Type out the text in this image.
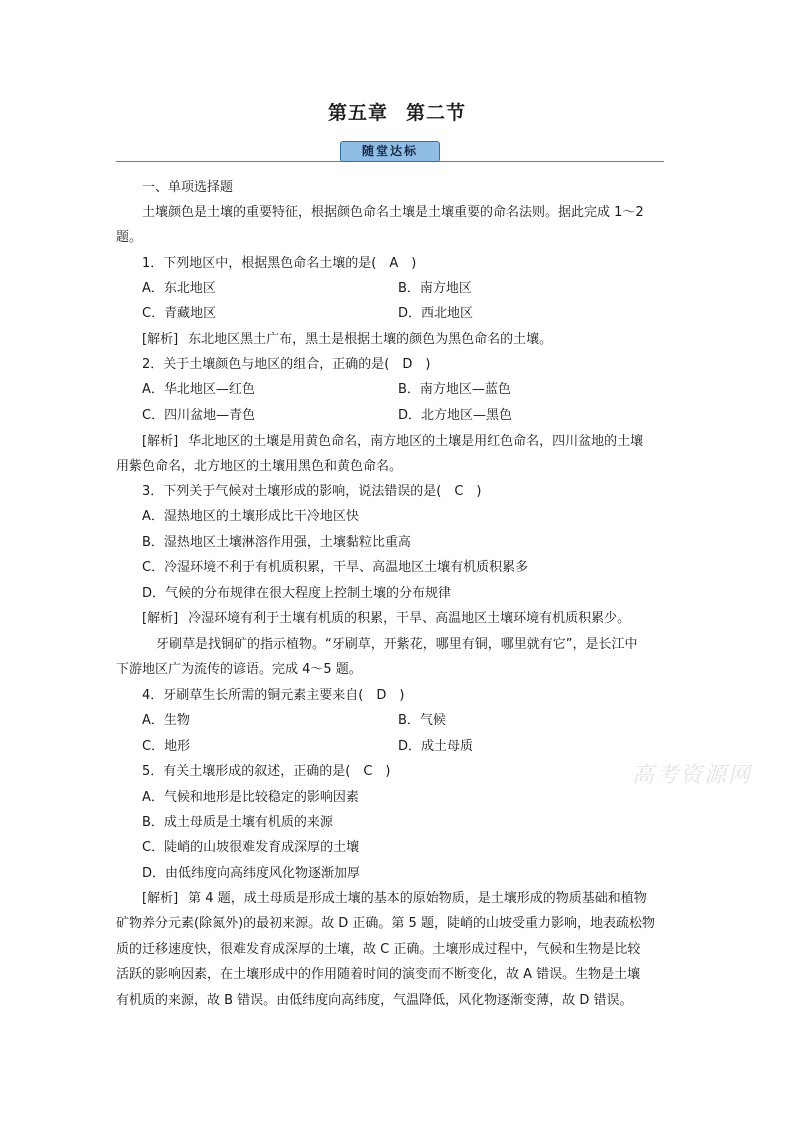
第五章 第二节
随堂达标
一、单项选择题
土壤颜色是土壤的重要特征，根据颜色命名土壤是土壤重要的命名法则。据此完成 1～2
题。
1．下列地区中，根据黑色命名土壤的是(　A　)
A．东北地区	B．南方地区
C．青藏地区	D．西北地区
[解析] 东北地区黑土广布，黑土是根据土壤的颜色为黑色命名的土壤。
2．关于土壤颜色与地区的组合，正确的是(　D　)
A．华北地区—红色	B．南方地区—蓝色
C．四川盆地—青色	D．北方地区—黑色
[解析] 华北地区的土壤是用黄色命名，南方地区的土壤是用红色命名，四川盆地的土壤
用紫色命名，北方地区的土壤用黑色和黄色命名。
3．下列关于气候对土壤形成的影响，说法错误的是(　C　)
A．湿热地区的土壤形成比干冷地区快
B．湿热地区土壤淋溶作用强，土壤黏粒比重高
C．冷湿环境不利于有机质积累，干旱、高温地区土壤有机质积累多
D．气候的分布规律在很大程度上控制土壤的分布规律
[解析] 冷湿环境有利于土壤有机质的积累，干旱、高温地区土壤环境有机质积累少。
牙刷草是找铜矿的指示植物。“牙刷草，开紫花，哪里有铜，哪里就有它”，是长江中
下游地区广为流传的谚语。完成 4～5 题。
4．牙刷草生长所需的铜元素主要来自(　D　)
A．生物	B．气候
C．地形	D．成土母质
5．有关土壤形成的叙述，正确的是(　C　)
A．气候和地形是比较稳定的影响因素
B．成土母质是土壤有机质的来源
C．陡峭的山坡很难发育成深厚的土壤
D．由低纬度向高纬度风化物逐渐加厚
[解析] 第 4 题，成土母质是形成土壤的基本的原始物质，是土壤形成的物质基础和植物
矿物养分元素(除氮外)的最初来源。故 D 正确。第 5 题，陡峭的山坡受重力影响，地表疏松物
质的迁移速度快，很难发育成深厚的土壤，故 C 正确。土壤形成过程中，气候和生物是比较
活跃的影响因素，在土壤形成中的作用随着时间的演变而不断变化，故 A 错误。生物是土壤
有机质的来源，故 B 错误。由低纬度向高纬度，气温降低，风化物逐渐变薄，故 D 错误。
高考资源网
